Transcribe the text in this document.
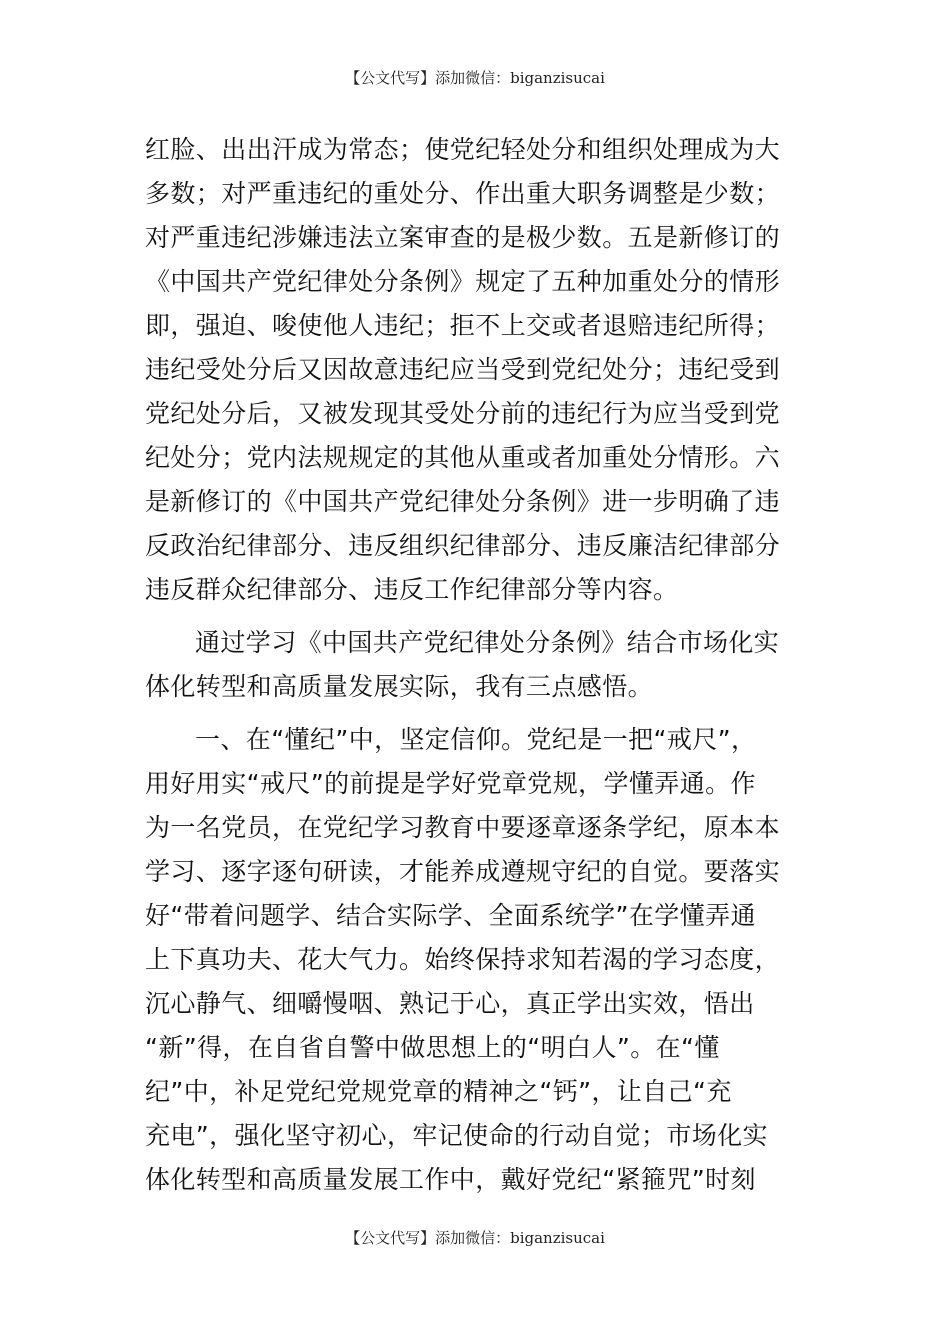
【公文代写】添加微信：biganzisucai
红脸、出出汗成为常态；使党纪轻处分和组织处理成为大
多数；对严重违纪的重处分、作出重大职务调整是少数；
对严重违纪涉嫌违法立案审查的是极少数。五是新修订的
《中国共产党纪律处分条例》规定了五种加重处分的情形
即，强迫、唆使他人违纪；拒不上交或者退赔违纪所得；
违纪受处分后又因故意违纪应当受到党纪处分；违纪受到
党纪处分后，又被发现其受处分前的违纪行为应当受到党
纪处分；党内法规规定的其他从重或者加重处分情形。六
是新修订的《中国共产党纪律处分条例》进一步明确了违
反政治纪律部分、违反组织纪律部分、违反廉洁纪律部分
违反群众纪律部分、违反工作纪律部分等内容。
通过学习《中国共产党纪律处分条例》结合市场化实
体化转型和高质量发展实际，我有三点感悟。
一、在“懂纪”中，坚定信仰。党纪是一把“戒尺”，
用好用实“戒尺”的前提是学好党章党规，学懂弄通。作
为一名党员，在党纪学习教育中要逐章逐条学纪，原本本
学习、逐字逐句研读，才能养成遵规守纪的自觉。要落实
好“带着问题学、结合实际学、全面系统学”在学懂弄通
上下真功夫、花大气力。始终保持求知若渴的学习态度，
沉心静气、细嚼慢咽、熟记于心，真正学出实效，悟出
“新”得，在自省自警中做思想上的“明白人”。在“懂
纪”中，补足党纪党规党章的精神之“钙”，让自己“充
充电”，强化坚守初心，牢记使命的行动自觉；市场化实
体化转型和高质量发展工作中，戴好党纪“紧箍咒”时刻
【公文代写】添加微信：biganzisucai
